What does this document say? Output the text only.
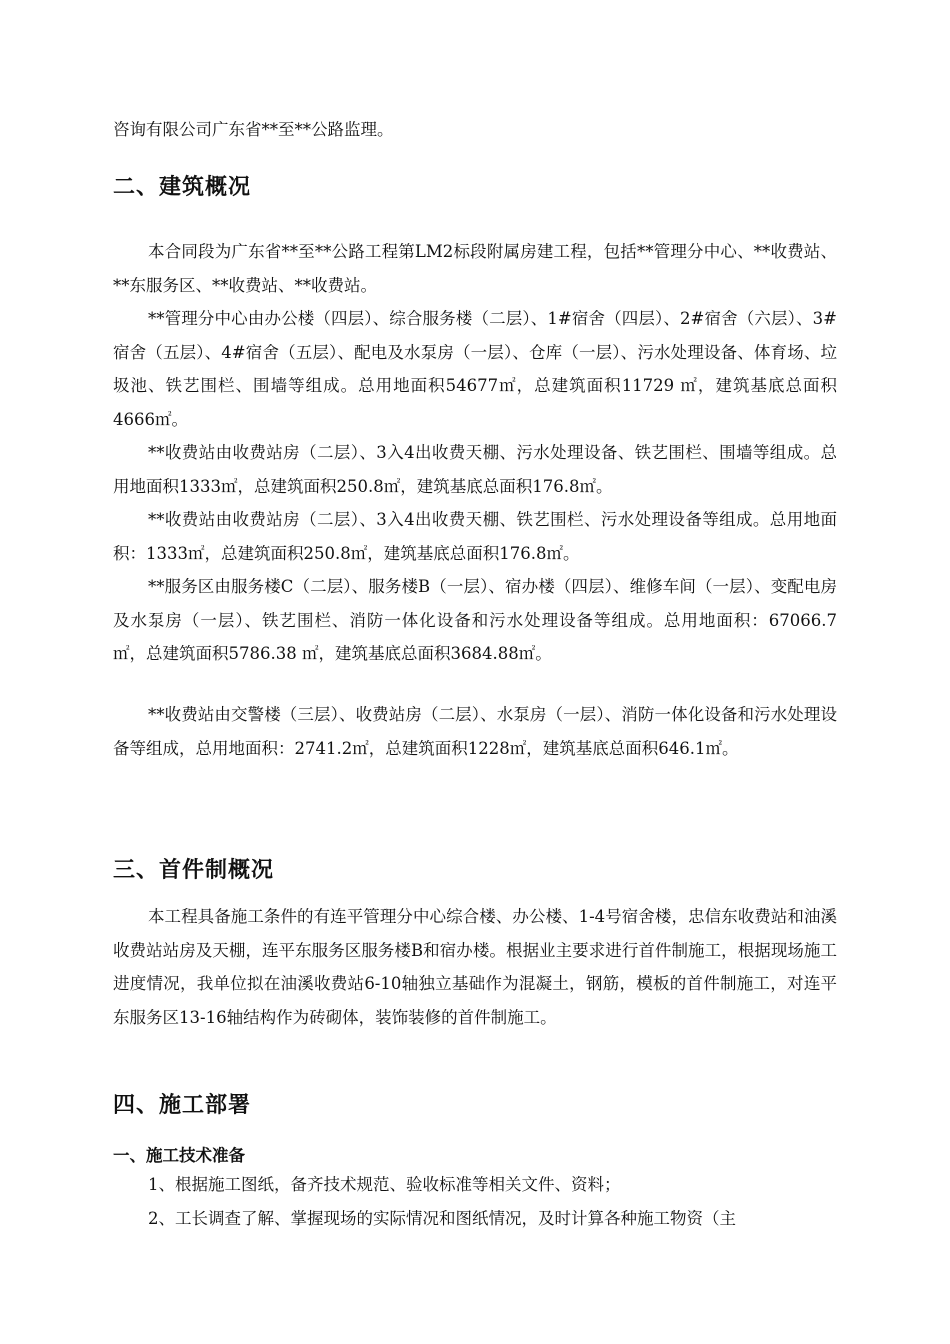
咨询有限公司广东省**至**公路监理。

二、建筑概况

本合同段为广东省**至**公路工程第LM2标段附属房建工程，包括**管理分中心、**收费站、**东服务区、**收费站、**收费站。

**管理分中心由办公楼（四层）、综合服务楼（二层）、1#宿舍（四层）、2#宿舍（六层）、3#宿舍（五层）、4#宿舍（五层）、配电及水泵房（一层）、仓库（一层）、污水处理设备、体育场、垃圾池、铁艺围栏、围墙等组成。总用地面积54677㎡，总建筑面积11729 ㎡，建筑基底总面积4666㎡。

**收费站由收费站房（二层）、3入4出收费天棚、污水处理设备、铁艺围栏、围墙等组成。总用地面积1333㎡，总建筑面积250.8㎡，建筑基底总面积176.8㎡。

**收费站由收费站房（二层）、3入4出收费天棚、铁艺围栏、污水处理设备等组成。总用地面积：1333㎡，总建筑面积250.8㎡，建筑基底总面积176.8㎡。

**服务区由服务楼C（二层）、服务楼B（一层）、宿办楼（四层）、维修车间（一层）、变配电房及水泵房（一层）、铁艺围栏、消防一体化设备和污水处理设备等组成。总用地面积：67066.7 ㎡，总建筑面积5786.38 ㎡，建筑基底总面积3684.88㎡。

**收费站由交警楼（三层）、收费站房（二层）、水泵房（一层）、消防一体化设备和污水处理设备等组成，总用地面积：2741.2㎡，总建筑面积1228㎡，建筑基底总面积646.1㎡。

三、首件制概况

本工程具备施工条件的有连平管理分中心综合楼、办公楼、1-4号宿舍楼，忠信东收费站和油溪收费站站房及天棚，连平东服务区服务楼B和宿办楼。根据业主要求进行首件制施工，根据现场施工进度情况，我单位拟在油溪收费站6-10轴独立基础作为混凝土，钢筋，模板的首件制施工，对连平东服务区13-16轴结构作为砖砌体，装饰装修的首件制施工。

四、施工部署
一、施工技术准备

1、根据施工图纸，备齐技术规范、验收标准等相关文件、资料；

2、工长调查了解、掌握现场的实际情况和图纸情况，及时计算各种施工物资（主
